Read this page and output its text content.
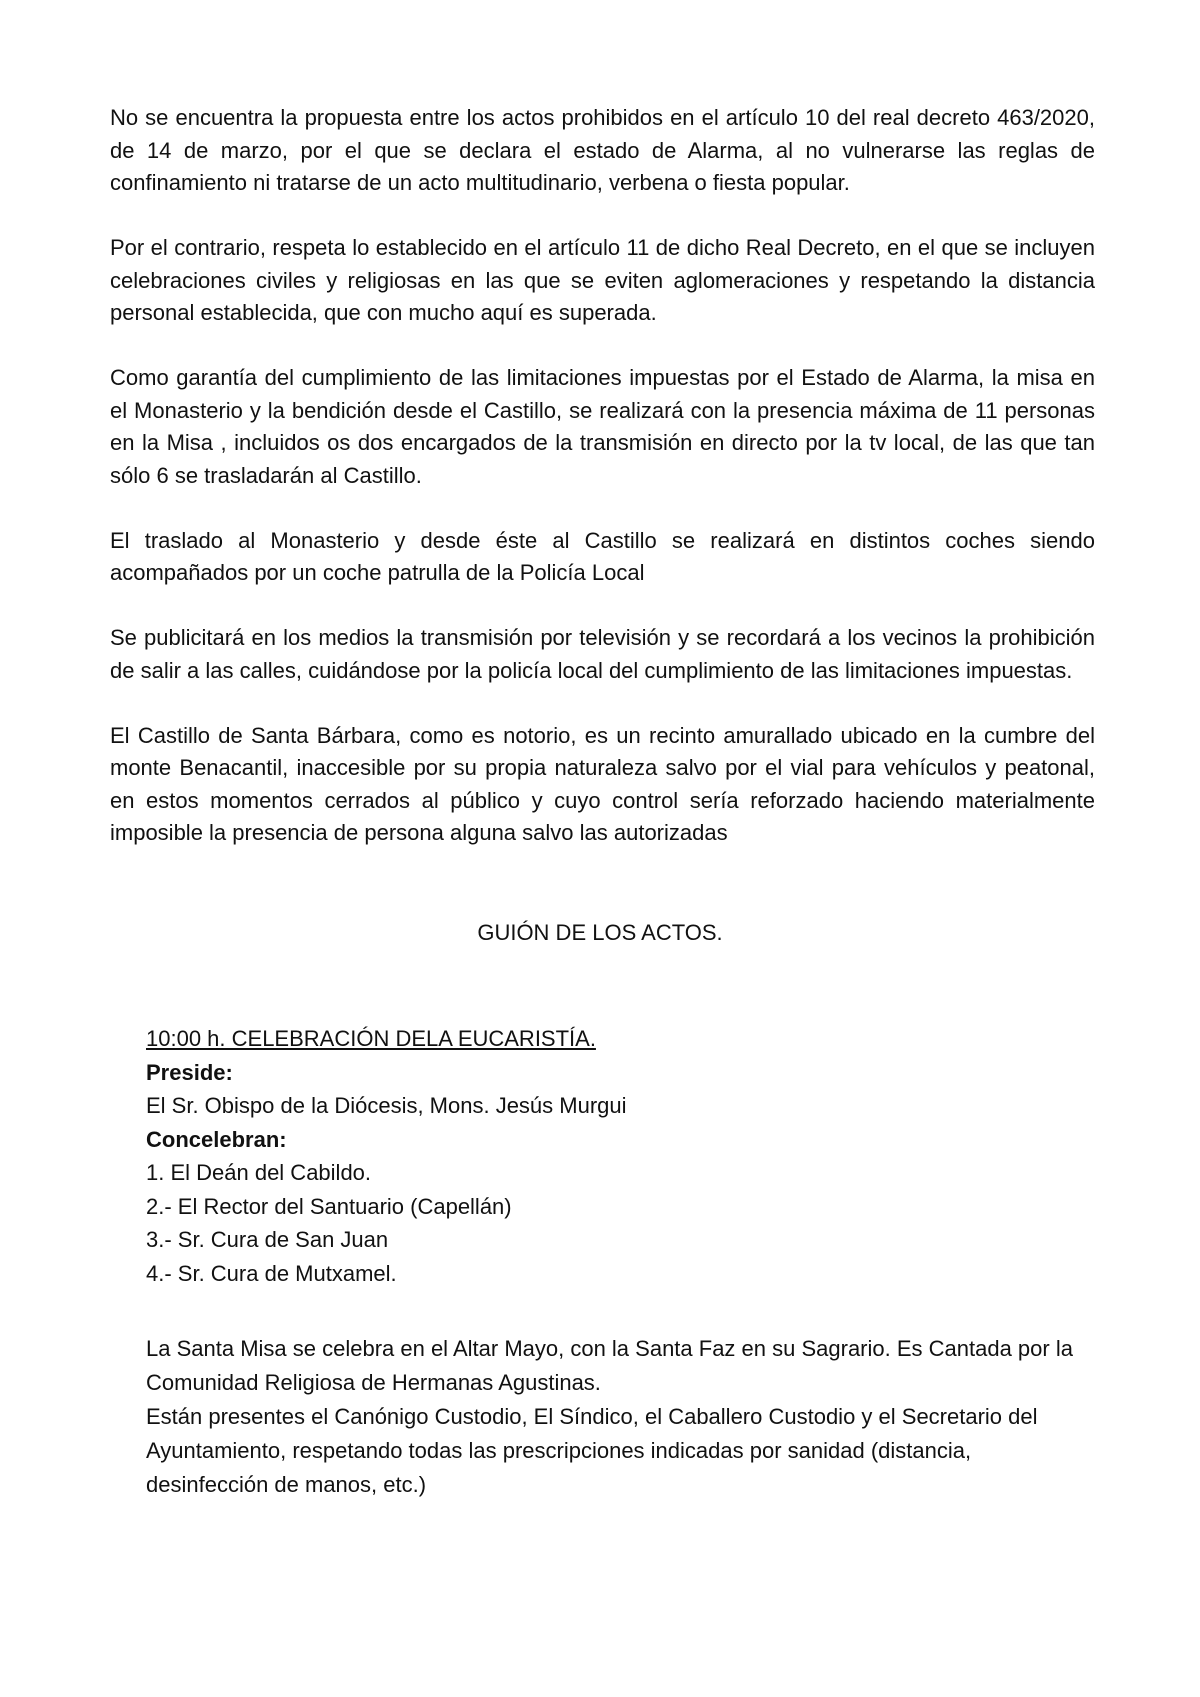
No se encuentra la propuesta entre los actos prohibidos en el artículo 10 del real decreto 463/2020, de 14 de marzo, por el que se declara el estado de Alarma, al no vulnerarse las reglas de confinamiento ni tratarse de un acto multitudinario, verbena o fiesta popular.

Por el contrario, respeta lo establecido en el artículo 11 de dicho Real Decreto, en el que se incluyen celebraciones civiles y religiosas en las que se eviten aglomeraciones y respetando la distancia personal establecida, que con mucho aquí es superada.

Como garantía del cumplimiento de las limitaciones impuestas por el Estado de Alarma, la misa en el Monasterio y la bendición desde el Castillo, se realizará con la presencia máxima de 11 personas en la Misa , incluidos os dos encargados de la transmisión en directo por la tv local, de las que tan sólo 6 se trasladarán al Castillo.

El traslado al Monasterio y desde éste al Castillo se realizará en distintos coches siendo acompañados por un coche patrulla de la Policía Local

Se publicitará en los medios la transmisión por televisión y se recordará a los vecinos la prohibición de salir a las calles, cuidándose por la policía local del cumplimiento de las limitaciones impuestas.

El Castillo de Santa Bárbara, como es notorio, es un recinto amurallado ubicado en la cumbre del monte Benacantil, inaccesible por su propia naturaleza salvo por el vial para vehículos y peatonal, en estos momentos cerrados al público y cuyo control sería reforzado haciendo materialmente imposible la presencia de persona alguna salvo las autorizadas

GUIÓN DE LOS ACTOS.
10:00 h. CELEBRACIÓN DELA EUCARISTÍA.
Preside:
El Sr. Obispo de la Diócesis, Mons. Jesús Murgui
Concelebran:
1. El Deán del Cabildo.
2.- El Rector del Santuario (Capellán)
3.- Sr. Cura de San Juan
4.- Sr. Cura de Mutxamel.

La Santa Misa se celebra en el Altar Mayo, con la Santa Faz en su Sagrario. Es Cantada por la Comunidad Religiosa de Hermanas Agustinas.

Están presentes el Canónigo Custodio, El Síndico, el Caballero Custodio y el Secretario del Ayuntamiento, respetando todas las prescripciones indicadas por sanidad (distancia, desinfección de manos, etc.)
